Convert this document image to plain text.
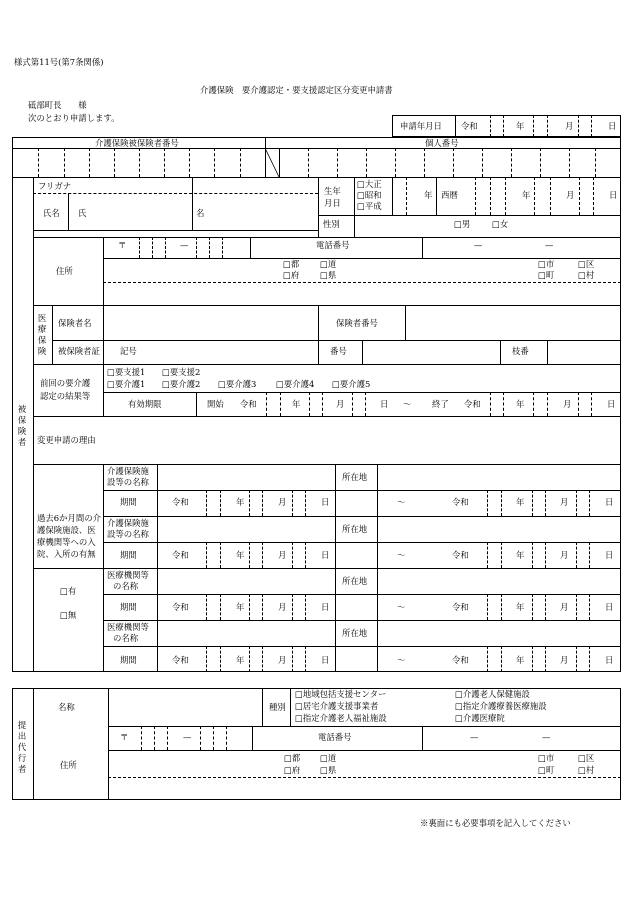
様式第11号(第7条関係)
介護保険　要介護認定・要支援認定区分変更申請書
砥部町長　　様
次のとおり申請します。
申請年月日 令和	年	月	日
介護保険被保険者番号	個人番号
被保険者
フリガナ
氏名 氏	名
生年
月日
□大正
□昭和
□平成
年 西暦	年	月	日
性別	□男	□女
住所
〒	—	電話番号	—	—
□都 □道
□府 □県
□市	□区
□町	□村
医療保険
保険者名	保険者番号
被保険者証 記号	番号	枝番
前回の要介護
認定の結果等
□要支援1 □要支援2
□要介護1 □要介護2 □要介護3 □要介護4 □要介護5
有効期限	開始 令和	年	月	日 ～ 終了 令和	年	月	日
変更申請の理由
過去6か月間の介
護保険施設、医
療機関等への入
院、入所の有無
□有
□無
介護保険施
設等の名称	所在地
期間	令和	年	月	日	～	令和	年	月	日
介護保険施
設等の名称	所在地
期間	令和	年	月	日	～	令和	年	月	日
医療機関等
の名称	所在地
期間	令和	年	月	日	～	令和	年	月	日
医療機関等
の名称	所在地
期間	令和	年	月	日	～	令和	年	月	日
提出代行者
名称	種別
□地域包括支援センター	□介護老人保健施設
□居宅介護支援事業者	□指定介護療養医療施設
□指定介護老人福祉施設	□介護医療院
住所
〒	—	電話番号	—	—
□都 □道
□府 □県
□市	□区
□町	□村
※裏面にも必要事項を記入してください
